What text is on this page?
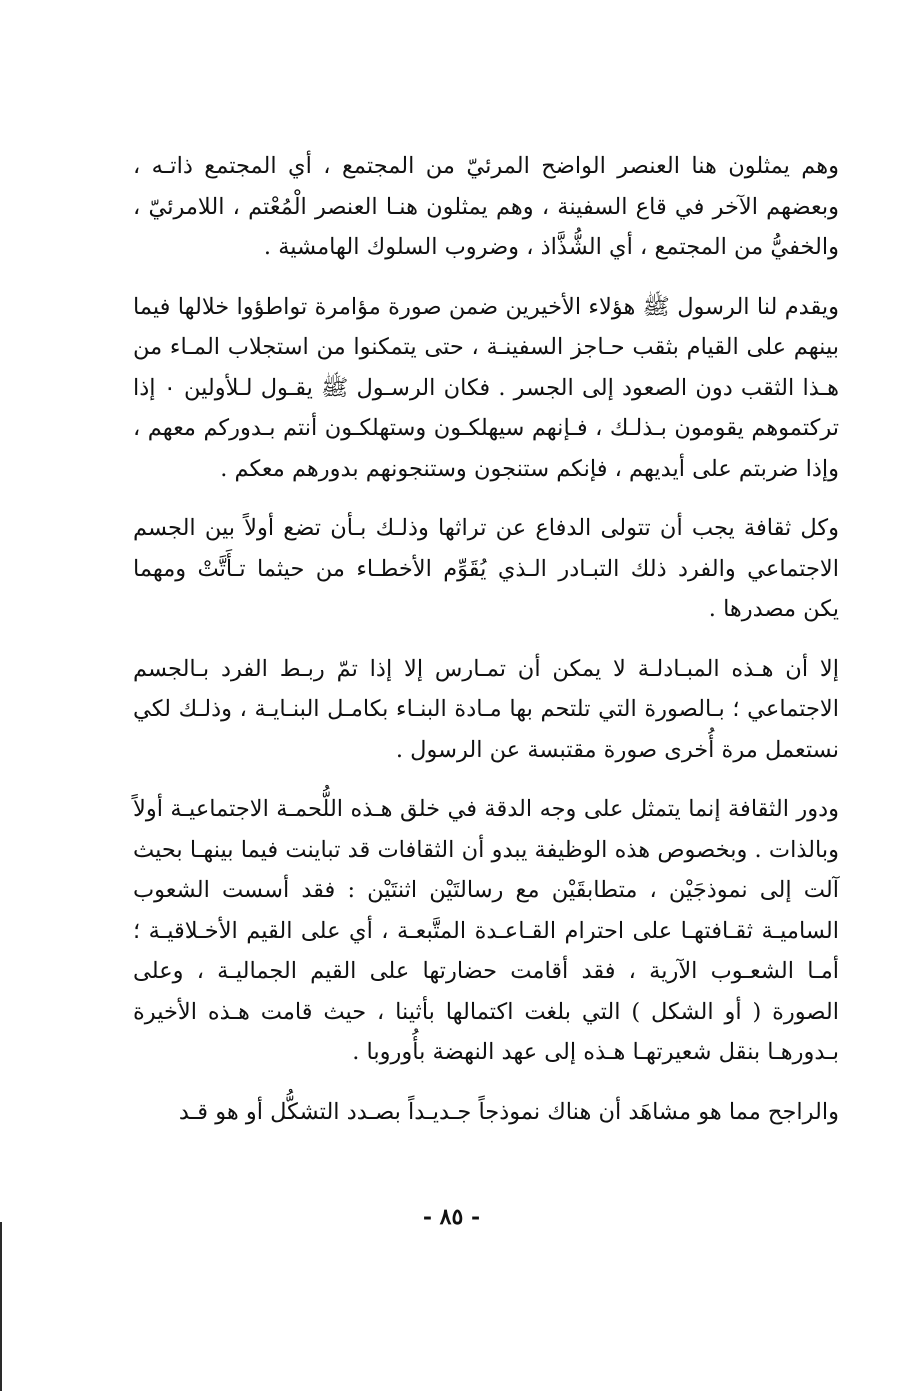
وهم يمثلون هنا العنصر الواضح المرئيّ من المجتمع ، أي المجتمع ذاتـه ، وبعضهم الآخر في قاع السفينة ، وهم يمثلون هنـا العنصر الْمُعْتم ، اللامرئيّ ، والخفيُّ من المجتمع ، أي الشُّذَّاذ ، وضروب السلوك الهامشية .

ويقدم لنا الرسول ﷺ هؤلاء الأخيرين ضمن صورة مؤامرة تواطؤوا خلالها فيما بينهم على القيام بثقب حـاجز السفينـة ، حتى يتمكنوا من استجلاب المـاء من هـذا الثقب دون الصعود إلى الجسر . فكان الرسـول ﷺ يقـول لـلأولين ٠ إذا تركتموهم يقومون بـذلـك ، فـإنهم سيهلكـون وستهلكـون أنتم بـدوركم معهم ، وإذا ضربتم على أيديهم ، فإنكم ستنجون وستنجونهم بدورهم معكم .

وكل ثقافة يجب أن تتولى الدفاع عن تراثها وذلـك بـأن تضع أولاً بين الجسم الاجتماعي والفرد ذلك التبـادر الـذي يُقَوِّم الأخطـاء من حيثما تـأَتَّتْ ومهما يكن مصدرها .

إلا أن هـذه المبـادلـة لا يمكن أن تمـارس إلا إذا تمّ ربـط الفرد بـالجسم الاجتماعي ؛ بـالصورة التي تلتحم بها مـادة البنـاء بكامـل البنـايـة ، وذلـك لكي نستعمل مرة أُخرى صورة مقتبسة عن الرسول .

ودور الثقافة إنما يتمثل على وجه الدقة في خلق هـذه اللُّحمـة الاجتماعيـة أولاً وبالذات . وبخصوص هذه الوظيفة يبدو أن الثقافات قد تباينت فيما بينهـا بحيث آلت إلى نموذجَيْن ، متطابقَيْن مع رسالتَيْن اثنتَيْن : فقد أسست الشعوب الساميـة ثقـافتهـا على احترام القـاعـدة المتَّبعـة ، أي على القيم الأخـلاقيـة ؛ أمـا الشعـوب الآرية ، فقد أقامت حضارتها على القيم الجماليـة ، وعلى الصورة ( أو الشكل ) التي بلغت اكتمالها بأثينا ، حيث قامت هـذه الأخيرة بـدورهـا بنقل شعيرتهـا هـذه إلى عهد النهضة بأُوروبا .

والراجح مما هو مشاهَد أن هناك نموذجاً جـديـداً بصـدد التشكُّل أو هو قـد

- ٨٥ -
